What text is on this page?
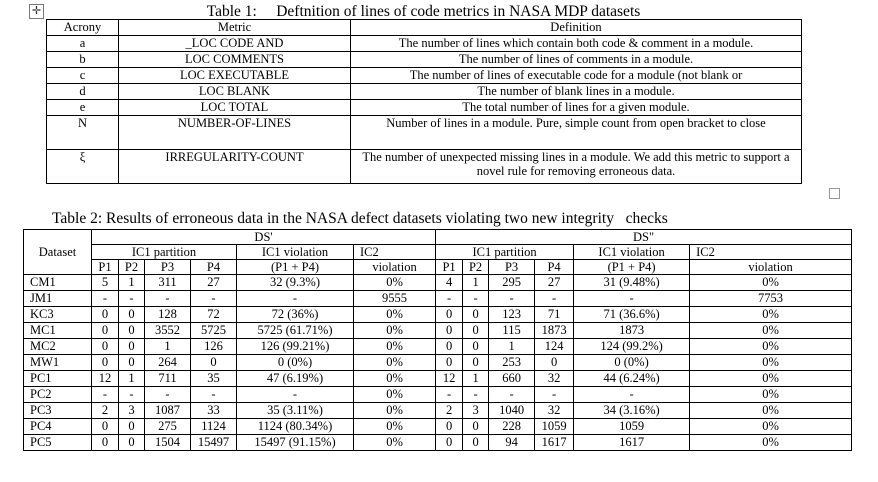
✛	Table 1:     Deftnition of lines of code metrics in NASA MDP datasets
Acrony	Metric	Definition
a	_LOC CODE AND	The number of lines which contain both code & comment in a module.
b	LOC COMMENTS	The number of lines of comments in a module.
c	LOC EXECUTABLE	The number of lines of executable code for a module (not blank or
d	LOC BLANK	The number of blank lines in a module.
e	LOC TOTAL	The total number of lines for a given module.
N	NUMBER-OF-LINES	Number of lines in a module. Pure, simple count from open bracket to close
ξ	IRREGULARITY-COUNT	The number of unexpected missing lines in a module. We add this metric to support a novel rule for removing erroneous data.
Table 2: Results of erroneous data in the NASA defect datasets violating two new integrity   checks
Dataset	DS'						DS"					
	IC1 partition				IC1 violation	IC2	IC1 partition				IC1 violation	IC2
	P1	P2	P3	P4	(P1 + P4)	violation	P1	P2	P3	P4	(P1 + P4)	violation
CM1	5	1	311	27	32 (9.3%)	0%	4	1	295	27	31 (9.48%)	0%
JM1	-	-	-	-	-	9555	-	-	-	-	-	7753
KC3	0	0	128	72	72 (36%)	0%	0	0	123	71	71 (36.6%)	0%
MC1	0	0	3552	5725	5725 (61.71%)	0%	0	0	115	1873	1873	0%
MC2	0	0	1	126	126 (99.21%)	0%	0	0	1	124	124 (99.2%)	0%
MW1	0	0	264	0	0 (0%)	0%	0	0	253	0	0 (0%)	0%
PC1	12	1	711	35	47 (6.19%)	0%	12	1	660	32	44 (6.24%)	0%
PC2	-	-	-	-	-	0%	-	-	-	-	-	0%
PC3	2	3	1087	33	35 (3.11%)	0%	2	3	1040	32	34 (3.16%)	0%
PC4	0	0	275	1124	1124 (80.34%)	0%	0	0	228	1059	1059	0%
PC5	0	0	1504	15497	15497 (91.15%)	0%	0	0	94	1617	1617	0%
